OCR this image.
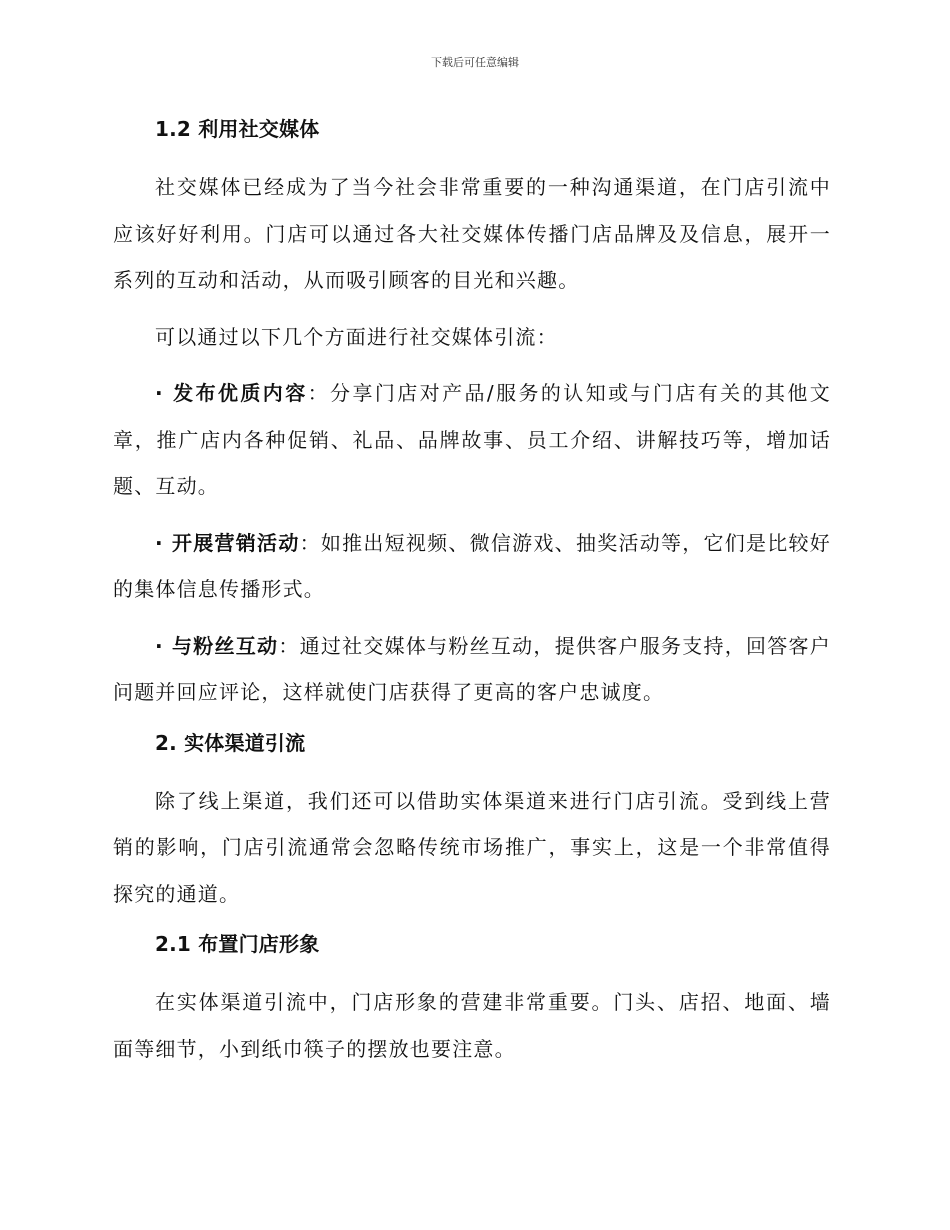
下载后可任意编辑
1.2 利用社交媒体

社交媒体已经成为了当今社会非常重要的一种沟通渠道，在门店引流中应该好好利用。门店可以通过各大社交媒体传播门店品牌及及信息，展开一系列的互动和活动，从而吸引顾客的目光和兴趣。

可以通过以下几个方面进行社交媒体引流：

· 发布优质内容：分享门店对产品/服务的认知或与门店有关的其他文章，推广店内各种促销、礼品、品牌故事、员工介绍、讲解技巧等，增加话题、互动。

· 开展营销活动：如推出短视频、微信游戏、抽奖活动等，它们是比较好的集体信息传播形式。

· 与粉丝互动：通过社交媒体与粉丝互动，提供客户服务支持，回答客户问题并回应评论，这样就使门店获得了更高的客户忠诚度。

2. 实体渠道引流

除了线上渠道，我们还可以借助实体渠道来进行门店引流。受到线上营销的影响，门店引流通常会忽略传统市场推广，事实上，这是一个非常值得探究的通道。

2.1 布置门店形象

在实体渠道引流中，门店形象的营建非常重要。门头、店招、地面、墙面等细节，小到纸巾筷子的摆放也要注意。
